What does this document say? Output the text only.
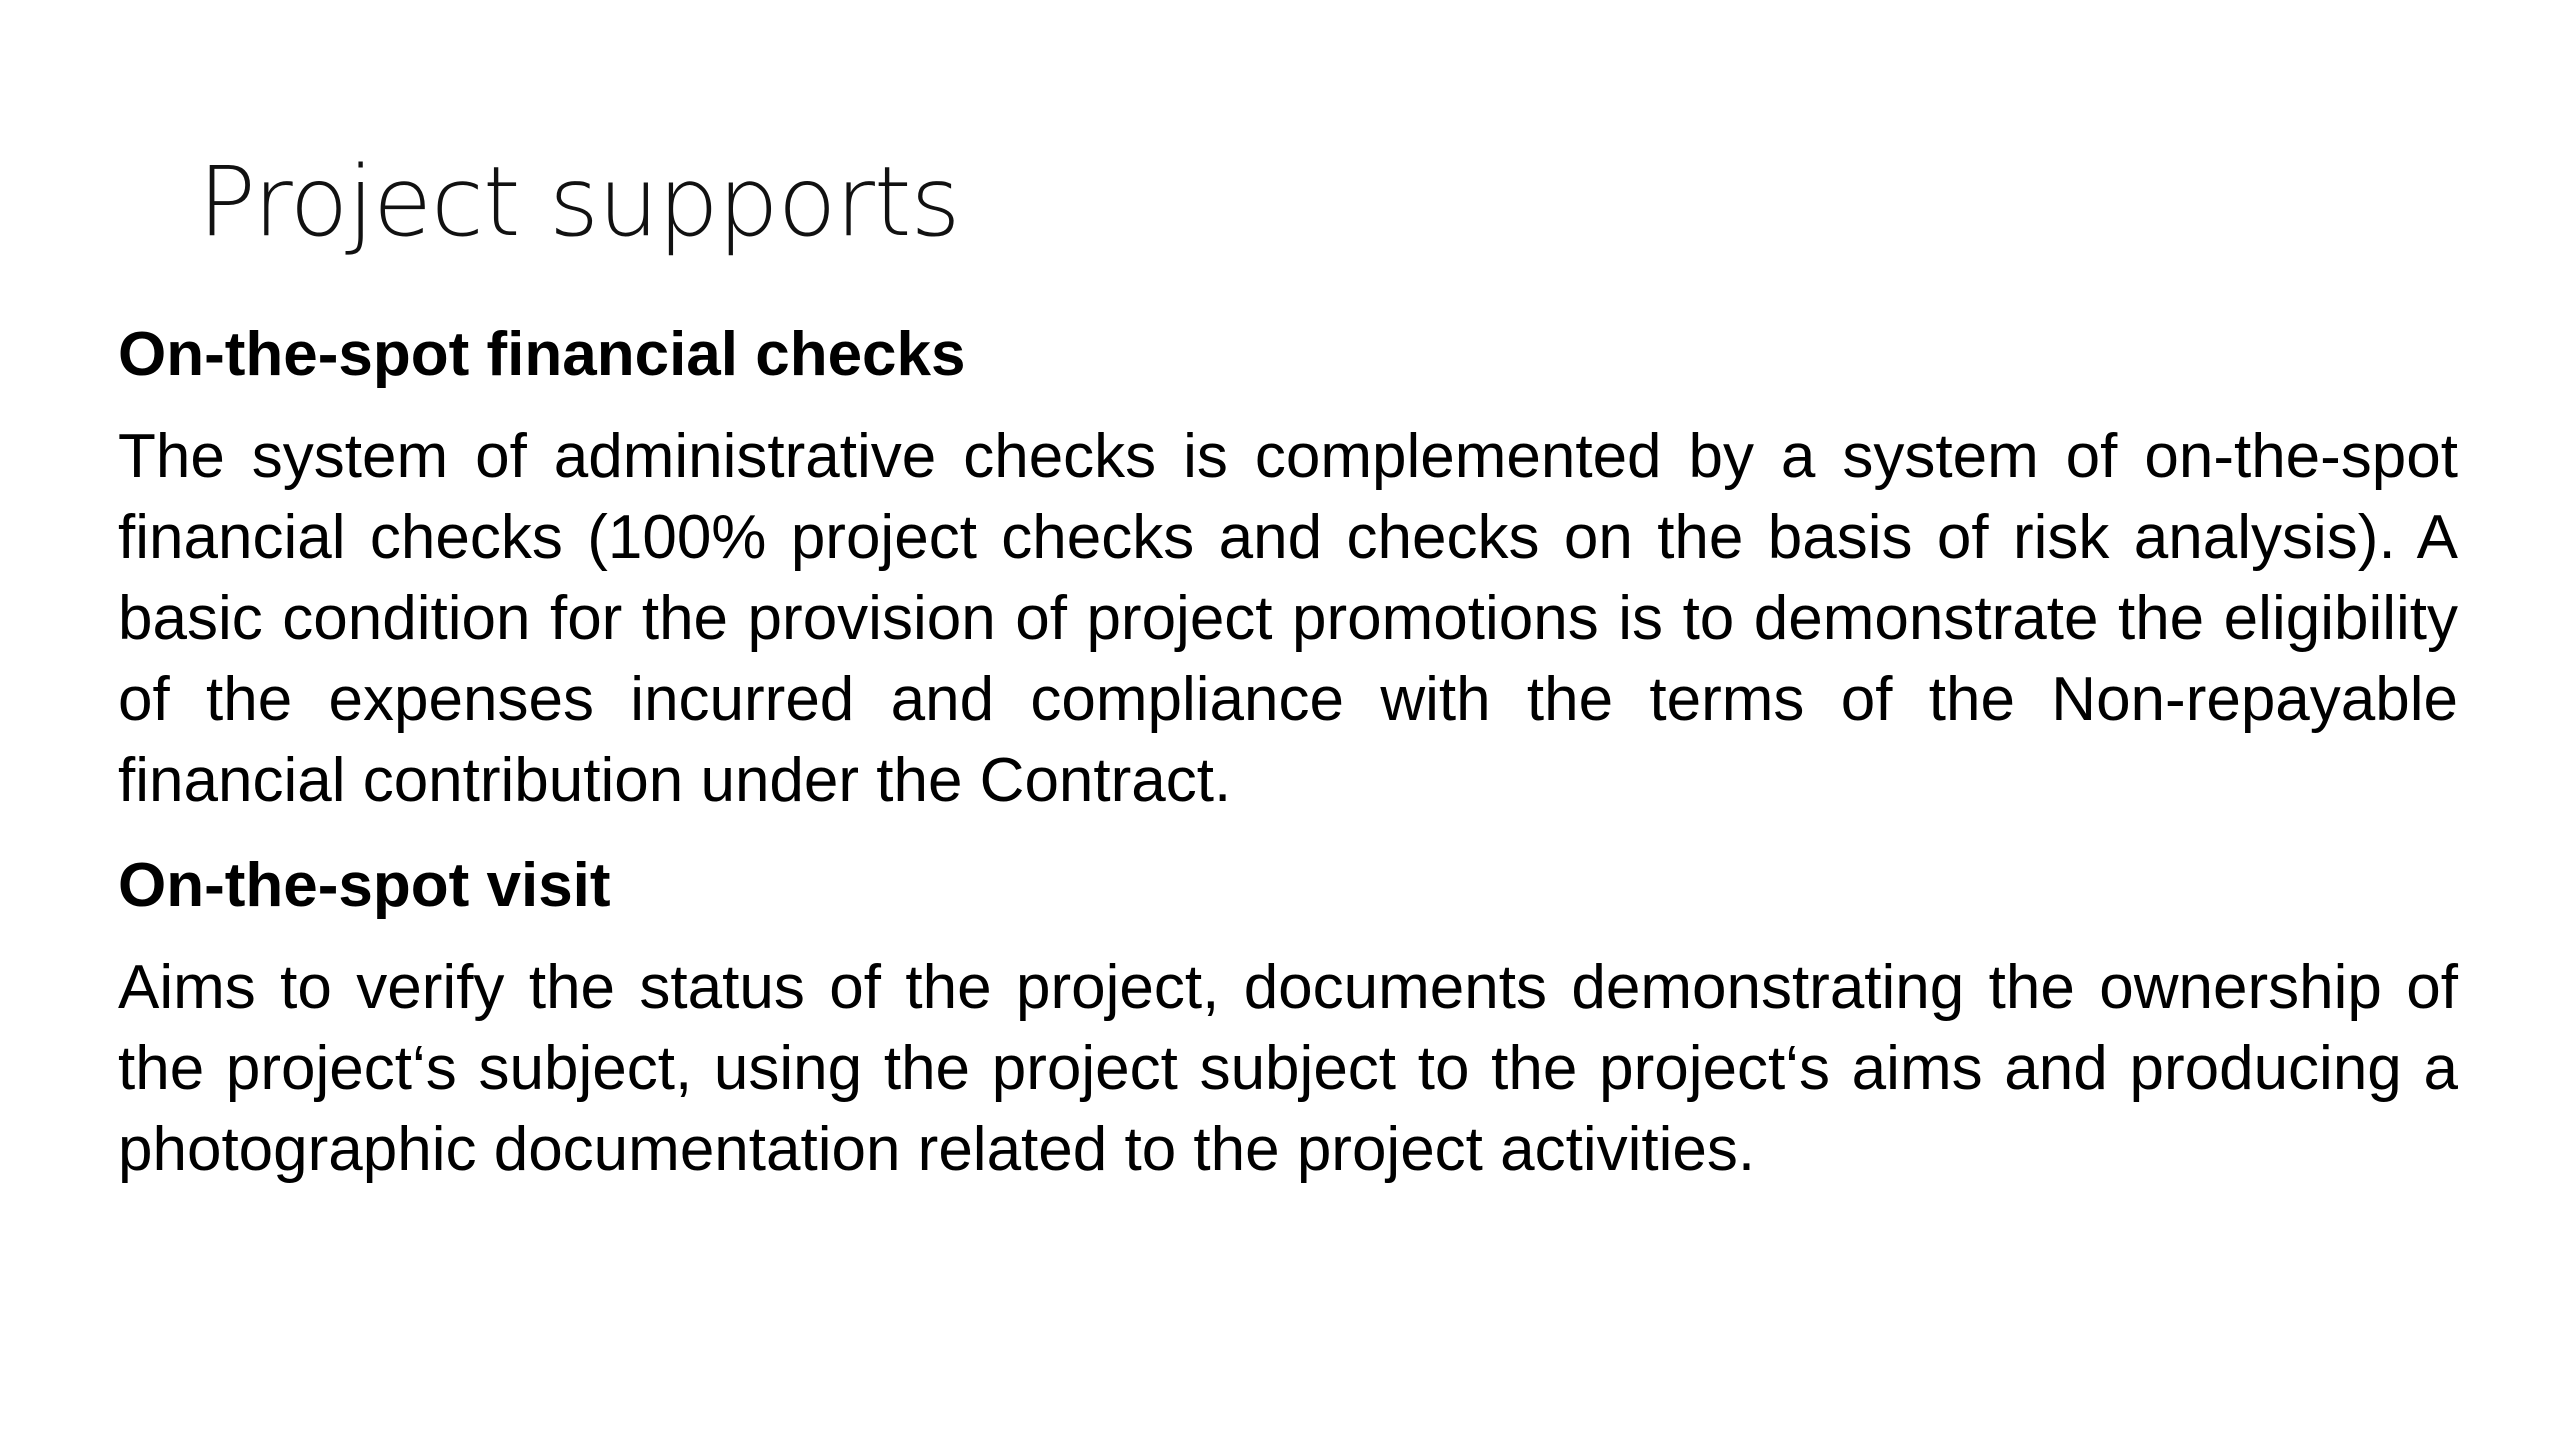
Project supports
On-the-spot financial checks

The system of administrative checks is complemented by a system of on-the-spot financial checks (100% project checks and checks on the basis of risk analysis). A basic condition for the provision of project promotions is to demonstrate the eligibility of the expenses incurred and compliance with the terms of the Non-repayable financial contribution under the Contract.

On-the-spot visit

Aims to verify the status of the project, documents demonstrating the ownership of the project‘s subject, using the project subject to the project‘s aims and producing a photographic documentation related to the project activities.
